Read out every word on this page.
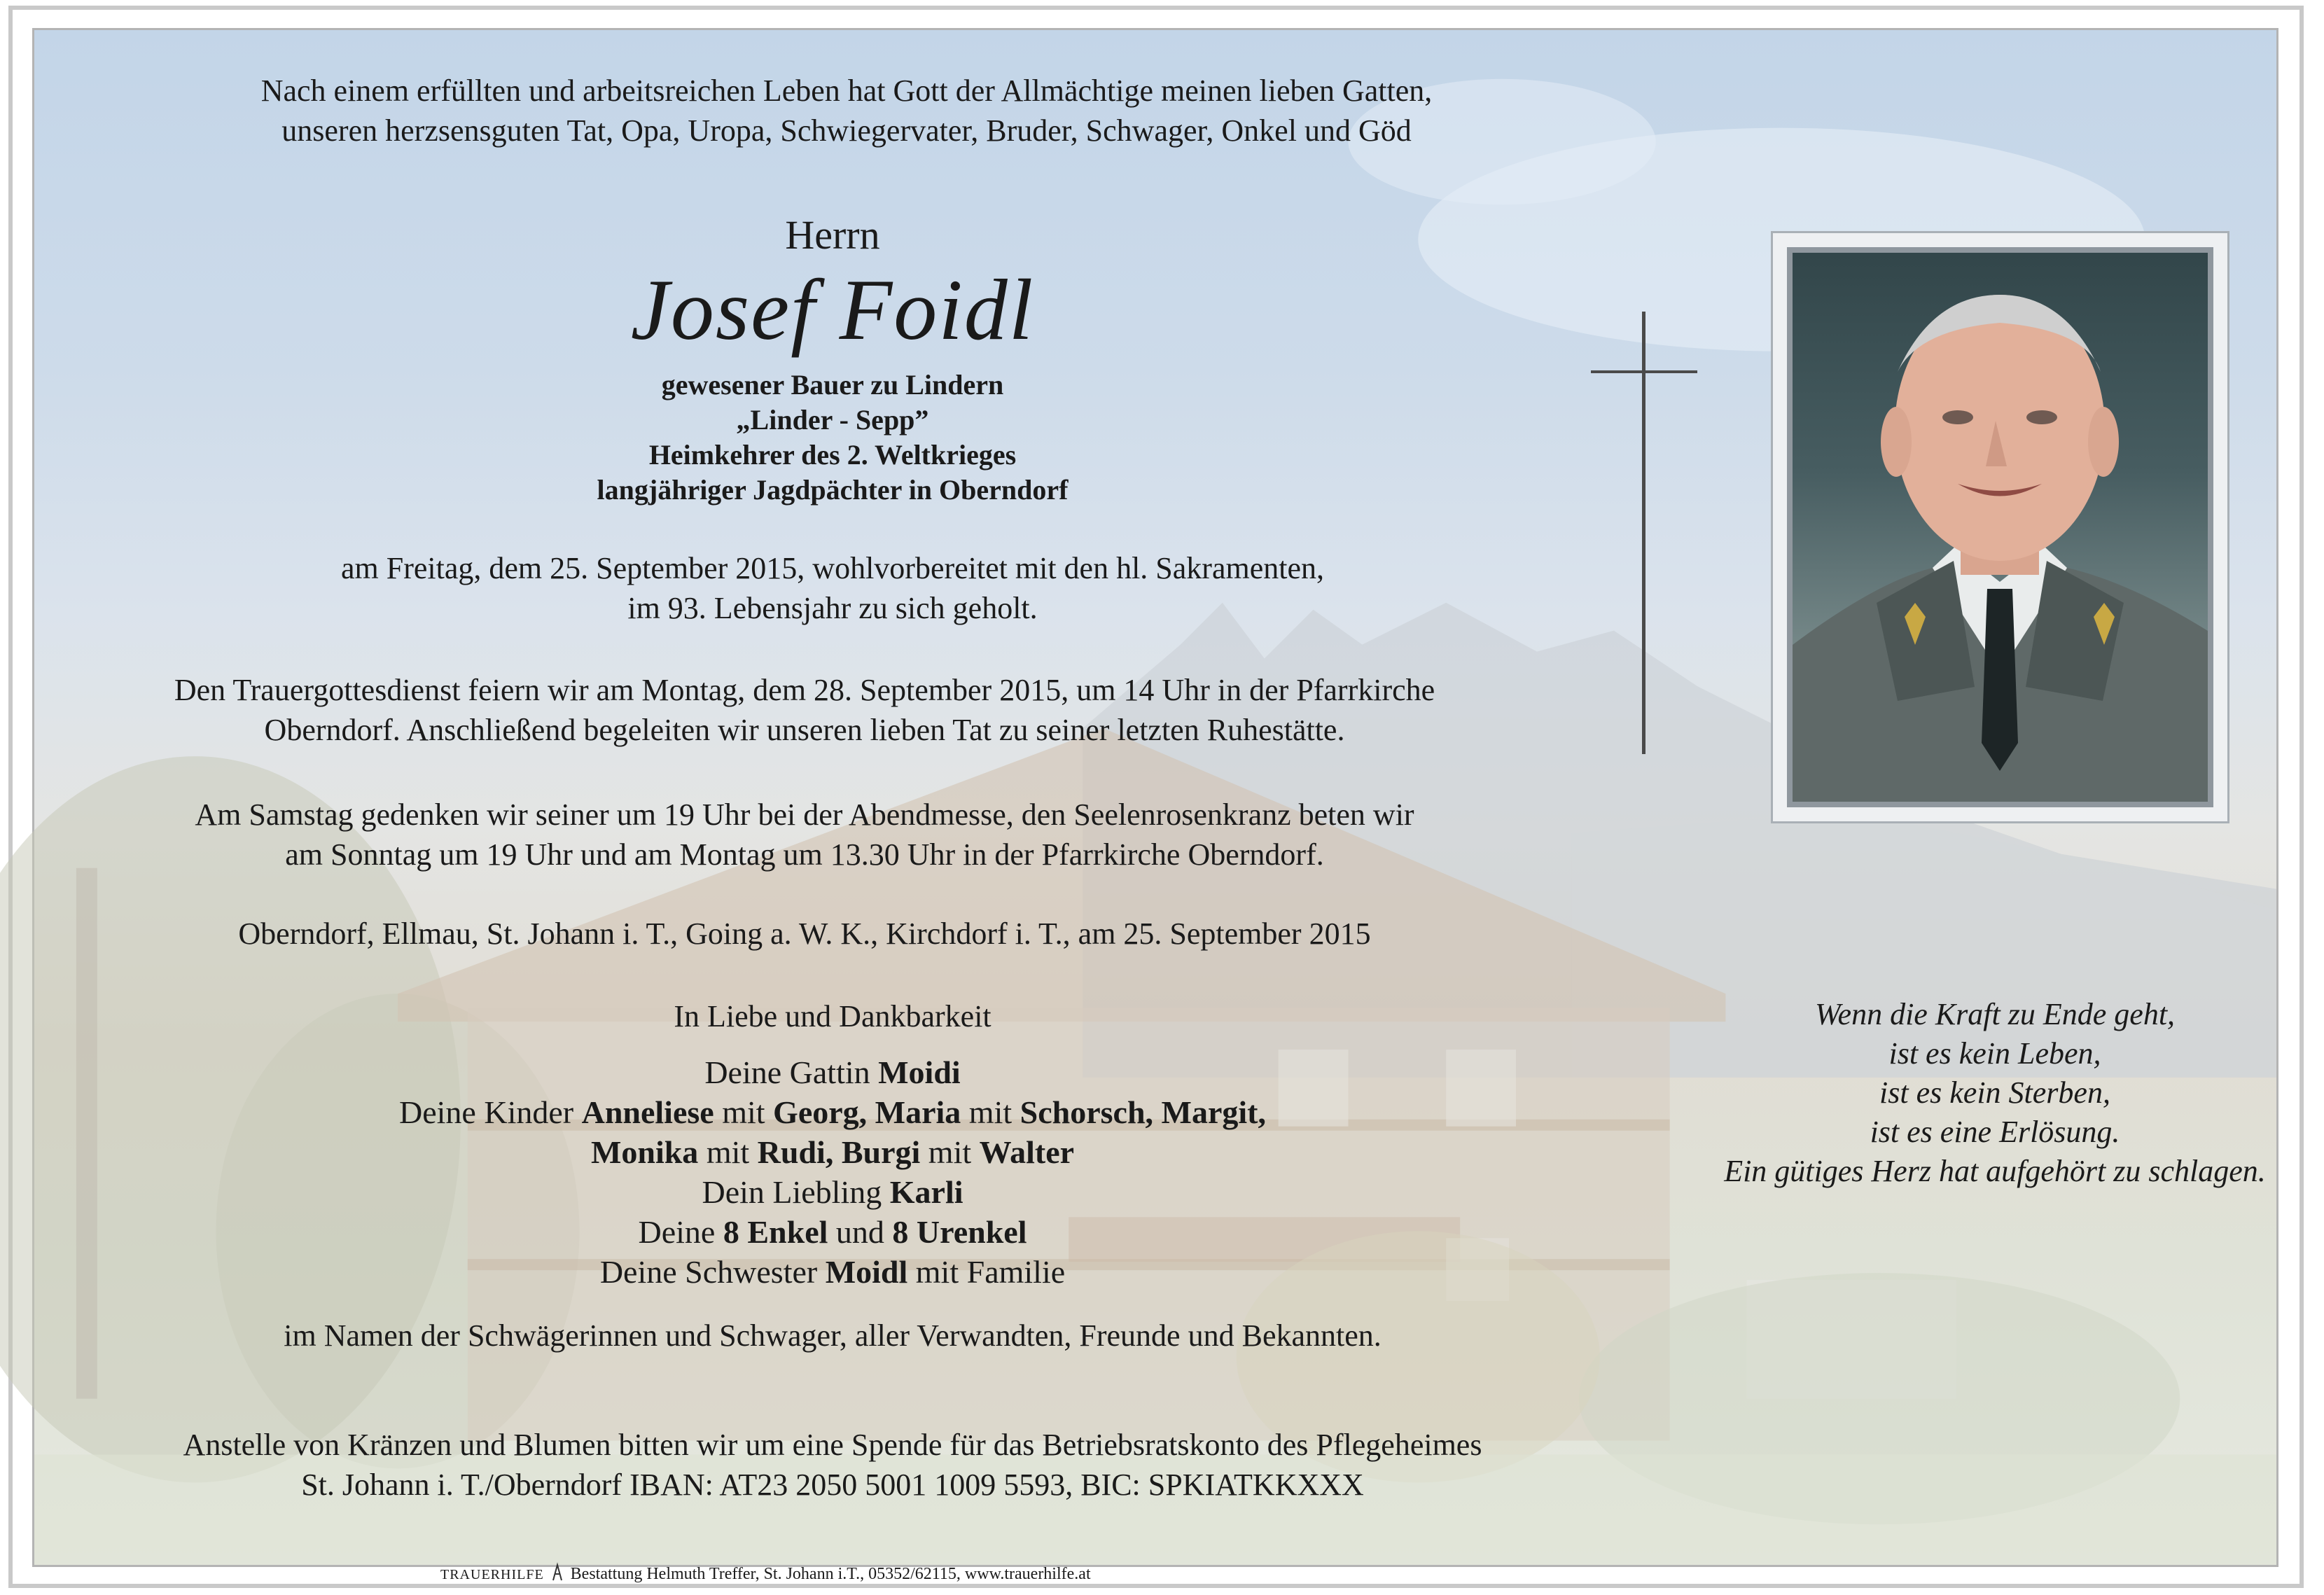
Nach einem erfüllten und arbeitsreichen Leben hat Gott der Allmächtige meinen lieben Gatten,
unseren herzsensguten Tat, Opa, Uropa, Schwiegervater, Bruder, Schwager, Onkel und Göd
Herrn
Josef Foidl
gewesener Bauer zu Lindern
„Linder - Sepp”
Heimkehrer des 2. Weltkrieges
langjähriger Jagdpächter in Oberndorf
am Freitag, dem 25. September 2015, wohlvorbereitet mit den hl. Sakramenten,
im 93. Lebensjahr zu sich geholt.
Den Trauergottesdienst feiern wir am Montag, dem 28. September 2015, um 14 Uhr in der Pfarrkirche
Oberndorf. Anschließend begeleiten wir unseren lieben Tat zu seiner letzten Ruhestätte.
Am Samstag gedenken wir seiner um 19 Uhr bei der Abendmesse, den Seelenrosenkranz beten wir
am Sonntag um 19 Uhr und am Montag um 13.30 Uhr in der Pfarrkirche Oberndorf.
Oberndorf, Ellmau, St. Johann i. T., Going a. W. K., Kirchdorf i. T., am 25. September 2015
In Liebe und Dankbarkeit
Deine Gattin Moidi
Deine Kinder Anneliese mit Georg, Maria mit Schorsch, Margit,
Monika mit Rudi, Burgi mit Walter
Dein Liebling Karli
Deine 8 Enkel und 8 Urenkel
Deine Schwester Moidl mit Familie
im Namen der Schwägerinnen und Schwager, aller Verwandten, Freunde und Bekannten.
Anstelle von Kränzen und Blumen bitten wir um eine Spende für das Betriebsratskonto des Pflegeheimes
St. Johann i. T./Oberndorf IBAN: AT23 2050 5001 1009 5593, BIC: SPKIATKKXXX
Wenn die Kraft zu Ende geht,
ist es kein Leben,
ist es kein Sterben,
ist es eine Erlösung.
Ein gütiges Herz hat aufgehört zu schlagen.
TRAUERHILFE Bestattung Helmuth Treffer, St. Johann i.T., 05352/62115, www.trauerhilfe.at
